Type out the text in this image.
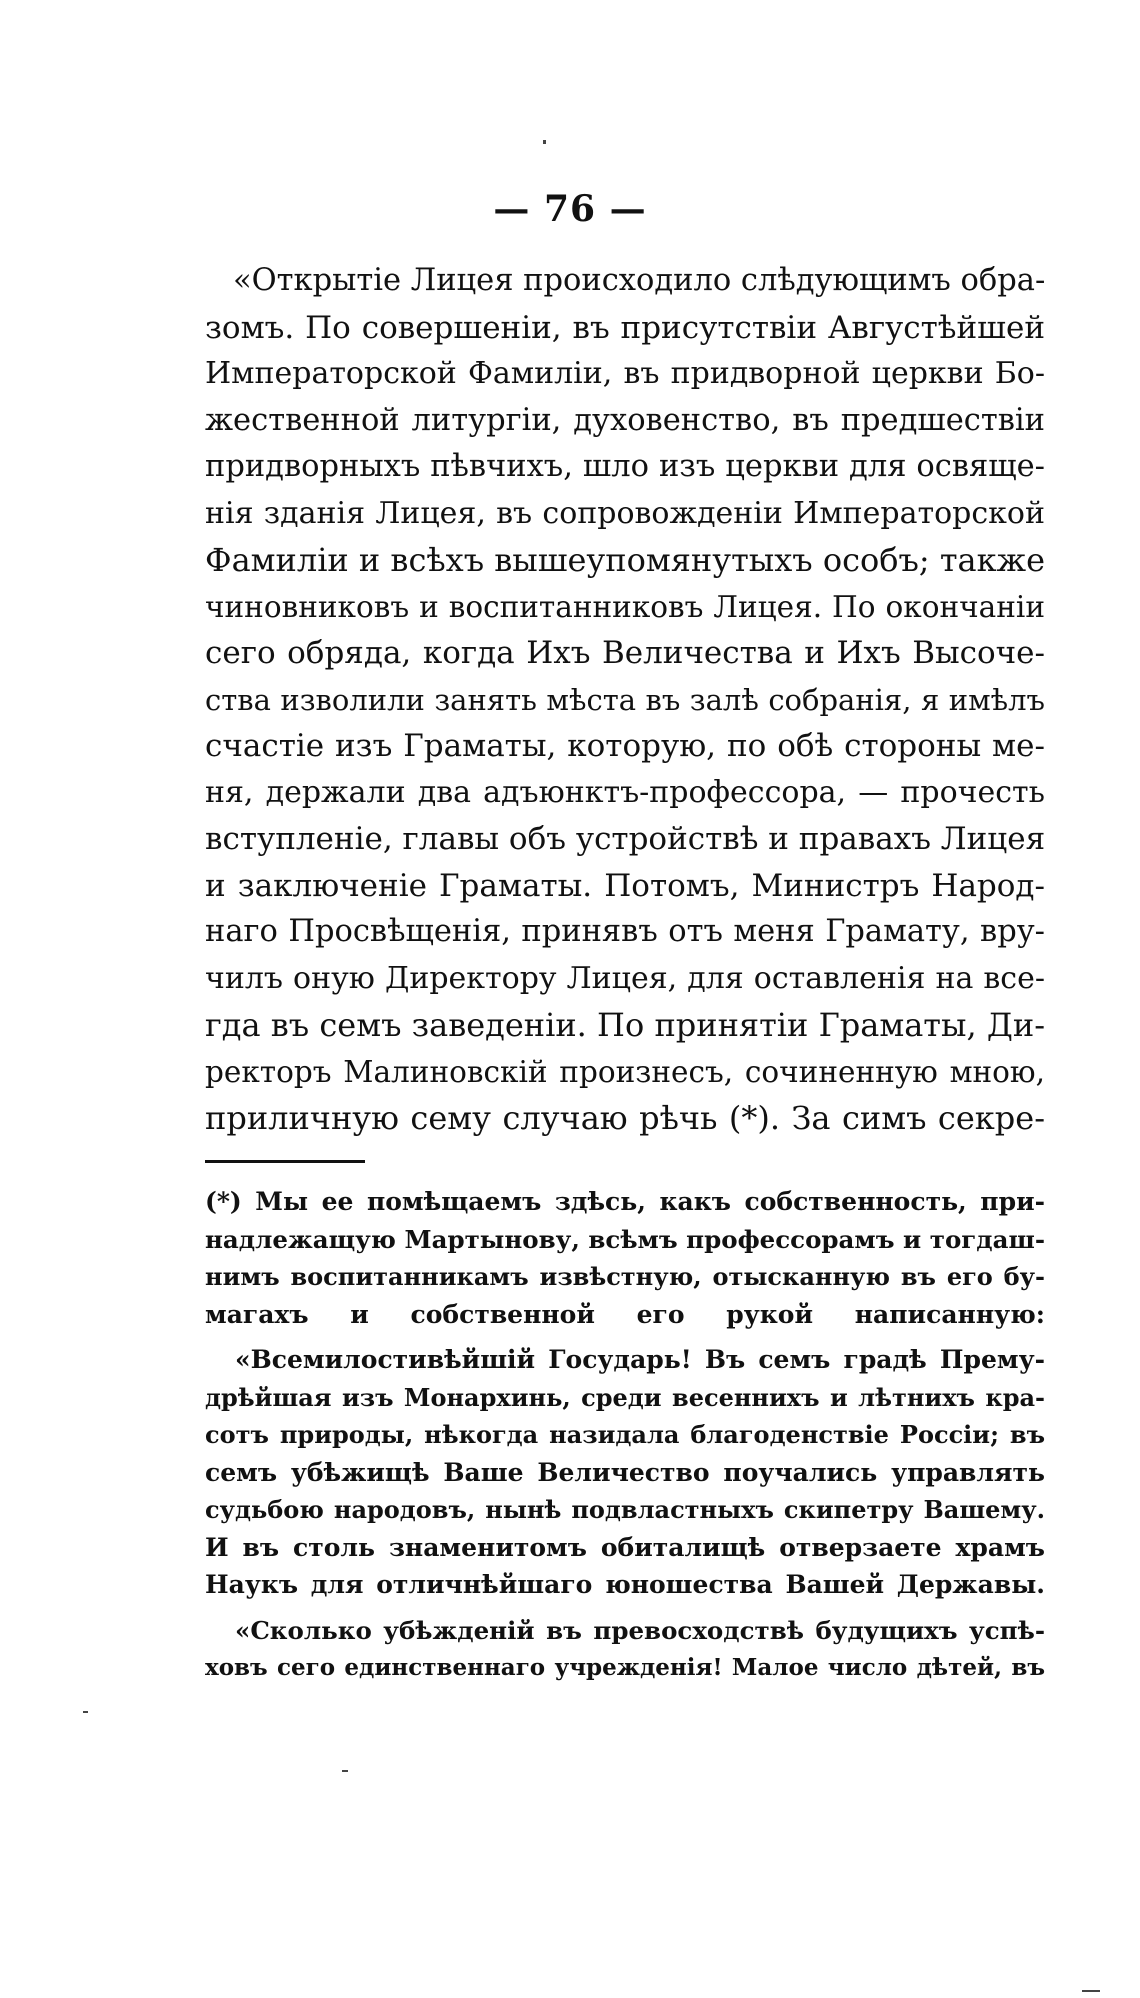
— 76 —
«Открытіе Лицея происходило слѣдующимъ обра-
зомъ. По совершеніи, въ присутствіи Августѣйшей
Императорской Фамиліи, въ придворной церкви Бо-
жественной литургіи, духовенство, въ предшествіи
придворныхъ пѣвчихъ, шло изъ церкви для освяще-
нія зданія Лицея, въ сопровожденіи Императорской
Фамиліи и всѣхъ вышеупомянутыхъ особъ; также
чиновниковъ и воспитанниковъ Лицея. По окончаніи
сего обряда, когда Ихъ Величества и Ихъ Высоче-
ства изволили занять мѣста въ залѣ собранія, я имѣлъ
счастіе изъ Граматы, которую, по обѣ стороны ме-
ня, держали два адъюнктъ-профессора, — прочесть
вступленіе, главы объ устройствѣ и правахъ Лицея
и заключеніе Граматы. Потомъ, Министръ Народ-
наго Просвѣщенія, принявъ отъ меня Грамату, вру-
чилъ оную Директору Лицея, для оставленія на все-
гда въ семъ заведеніи. По принятіи Граматы, Ди-
ректоръ Малиновскій произнесъ, сочиненную мною,
приличную сему случаю рѣчь (*). За симъ секре-
(*) Мы ее помѣщаемъ здѣсь, какъ собственность, при-
надлежащую Мартынову, всѣмъ профессорамъ и тогдаш-
нимъ воспитанникамъ извѣстную, отысканную въ его бу-
магахъ и собственной его рукой написанную:
«Всемилостивѣйшій Государь! Въ семъ градѣ Прему-
дрѣйшая изъ Монархинь, среди весеннихъ и лѣтнихъ кра-
сотъ природы, нѣкогда назидала благоденствіе Россіи; въ
семъ убѣжищѣ Ваше Величество поучались управлять
судьбою народовъ, нынѣ подвластныхъ скипетру Вашему.
И въ столь знаменитомъ обиталищѣ отверзаете храмъ
Наукъ для отличнѣйшаго юношества Вашей Державы.
«Сколько убѣжденій въ превосходствѣ будущихъ успѣ-
ховъ сего единственнаго учрежденія! Малое число дѣтей, въ
